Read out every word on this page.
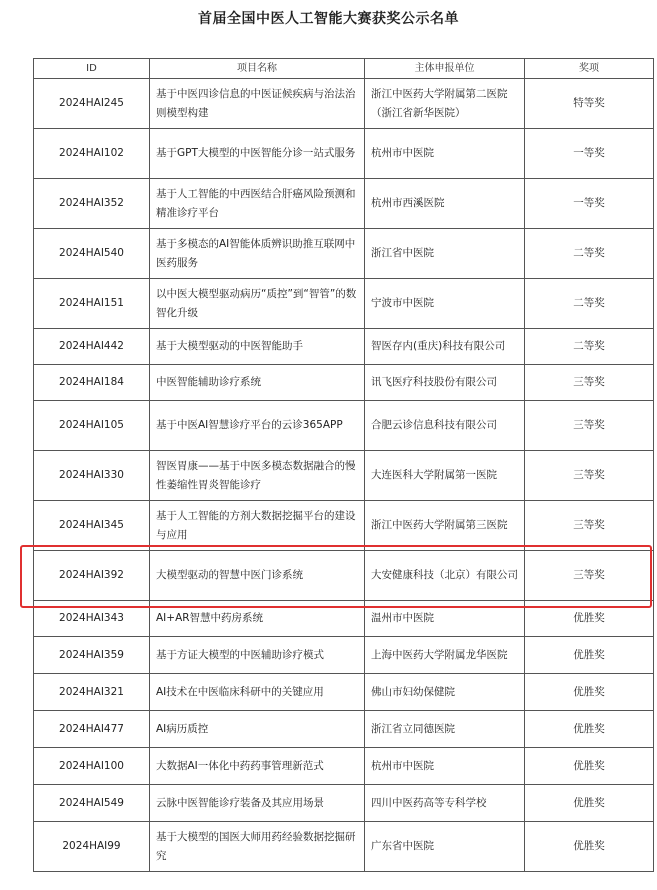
首届全国中医人工智能大赛获奖公示名单
ID	项目名称	主体申报单位	奖项
2024HAI245	基于中医四诊信息的中医证候疾病与治法治则模型构建	浙江中医药大学附属第二医院（浙江省新华医院）	特等奖
2024HAI102	基于GPT大模型的中医智能分诊一站式服务	杭州市中医院	一等奖
2024HAI352	基于人工智能的中西医结合肝癌风险预测和精准诊疗平台	杭州市西溪医院	一等奖
2024HAI540	基于多模态的AI智能体质辨识助推互联网中医药服务	浙江省中医院	二等奖
2024HAI151	以中医大模型驱动病历“质控”到“智管”的数智化升级	宁波市中医院	二等奖
2024HAI442	基于大模型驱动的中医智能助手	智医存内(重庆)科技有限公司	二等奖
2024HAI184	中医智能辅助诊疗系统	讯飞医疗科技股份有限公司	三等奖
2024HAI105	基于中医AI智慧诊疗平台的云诊365APP	合肥云诊信息科技有限公司	三等奖
2024HAI330	智医胃康——基于中医多模态数据融合的慢性萎缩性胃炎智能诊疗	大连医科大学附属第一医院	三等奖
2024HAI345	基于人工智能的方剂大数据挖掘平台的建设与应用	浙江中医药大学附属第三医院	三等奖
2024HAI392	大模型驱动的智慧中医门诊系统	大安健康科技（北京）有限公司	三等奖
2024HAI343	AI+AR智慧中药房系统	温州市中医院	优胜奖
2024HAI359	基于方证大模型的中医辅助诊疗模式	上海中医药大学附属龙华医院	优胜奖
2024HAI321	AI技术在中医临床科研中的关键应用	佛山市妇幼保健院	优胜奖
2024HAI477	AI病历质控	浙江省立同德医院	优胜奖
2024HAI100	大数据AI一体化中药药事管理新范式	杭州市中医院	优胜奖
2024HAI549	云脉中医智能诊疗装备及其应用场景	四川中医药高等专科学校	优胜奖
2024HAI99	基于大模型的国医大师用药经验数据挖掘研究	广东省中医院	优胜奖
